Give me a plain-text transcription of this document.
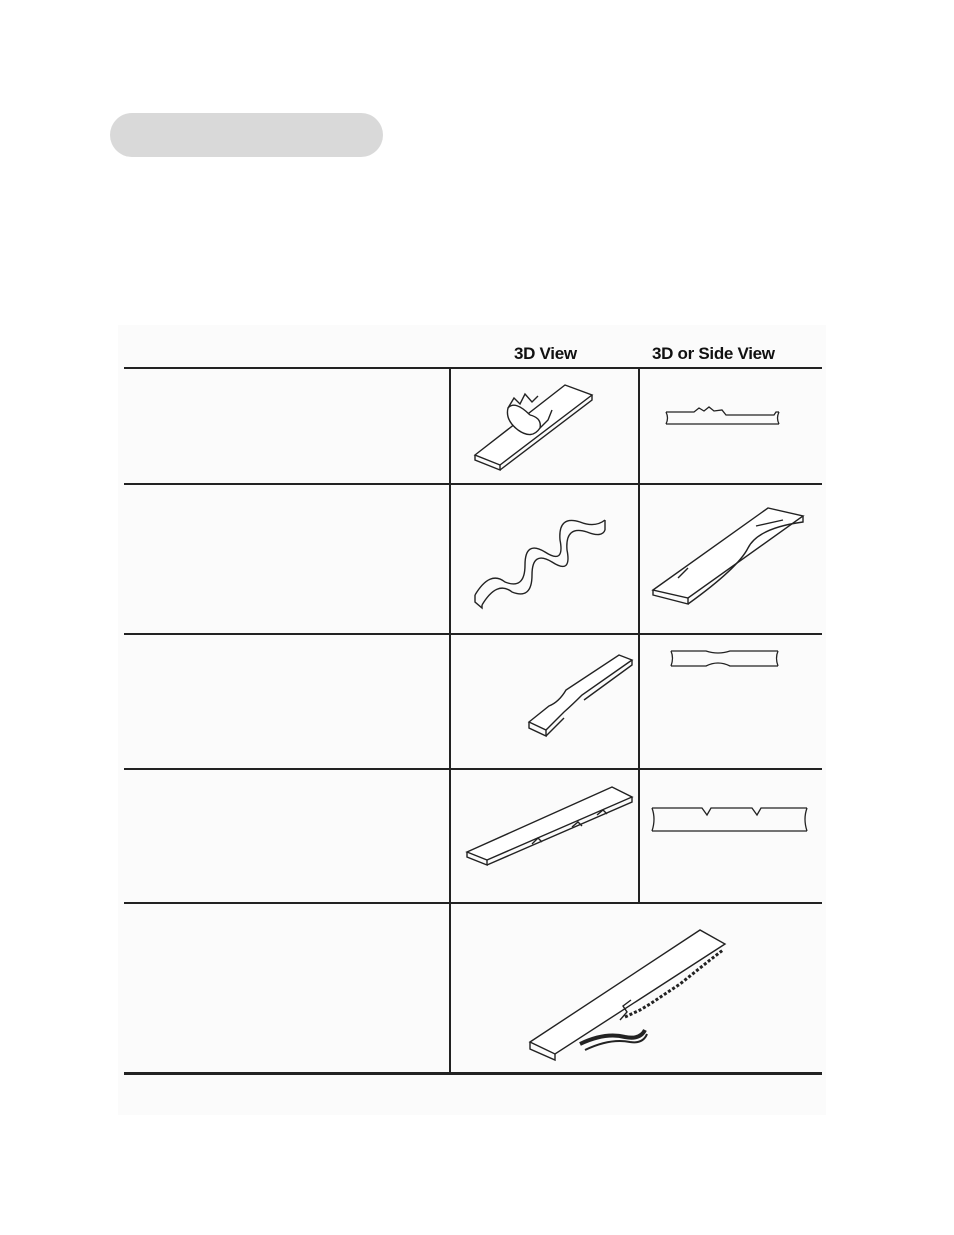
3D View	3D or Side View
